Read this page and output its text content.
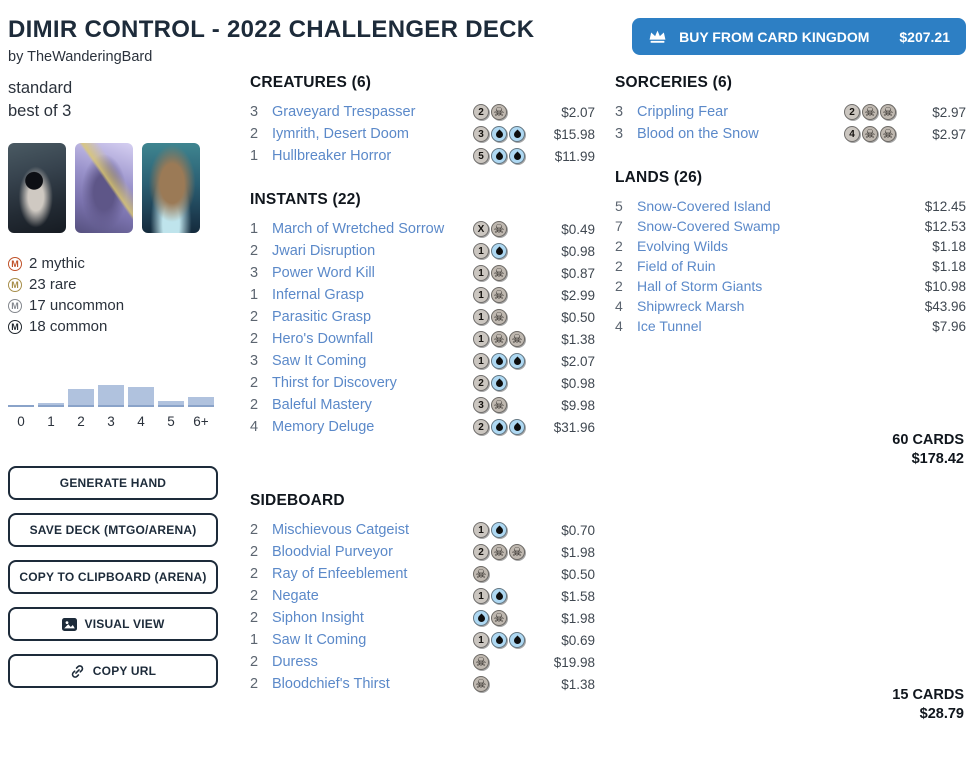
DIMIR CONTROL - 2022 CHALLENGER DECK
by TheWanderingBard
BUY FROM CARD KINGDOM $207.21
standard
best of 3
M 2 mythic
M 23 rare
M 17 uncommon
M 18 common
0	1	2	3	4	5	6+
GENERATE HAND
SAVE DECK (MTGO/ARENA)
COPY TO CLIPBOARD (ARENA)
VISUAL VIEW
COPY URL
CREATURES (6)
3 Graveyard Trespasser	2 ☠	$2.07
2 Iymrith, Desert Doom	3	$15.98
1 Hullbreaker Horror	5	$11.99
INSTANTS (22)
1 March of Wretched Sorrow	X ☠	$0.49
2 Jwari Disruption	1	$0.98
3 Power Word Kill	1 ☠	$0.87
1 Infernal Grasp	1 ☠	$2.99
2 Parasitic Grasp	1 ☠	$0.50
2 Hero's Downfall	1 ☠ ☠	$1.38
3 Saw It Coming	1	$2.07
2 Thirst for Discovery	2	$0.98
2 Baleful Mastery	3 ☠	$9.98
4 Memory Deluge	2	$31.96
SIDEBOARD
2 Mischievous Catgeist	1	$0.70
2 Bloodvial Purveyor	2 ☠ ☠	$1.98
2 Ray of Enfeeblement	☠	$0.50
2 Negate	1	$1.58
2 Siphon Insight	☠	$1.98
1 Saw It Coming	1	$0.69
2 Duress	☠	$19.98
2 Bloodchief's Thirst	☠	$1.38
SORCERIES (6)
3 Crippling Fear	2 ☠ ☠	$2.97
3 Blood on the Snow	4 ☠ ☠	$2.97
LANDS (26)
5	Snow-Covered Island	$12.45
7	Snow-Covered Swamp	$12.53
2	Evolving Wilds	$1.18
2	Field of Ruin	$1.18
2	Hall of Storm Giants	$10.98
4	Shipwreck Marsh	$43.96
4	Ice Tunnel	$7.96
60 CARDS
$178.42
15 CARDS
$28.79
